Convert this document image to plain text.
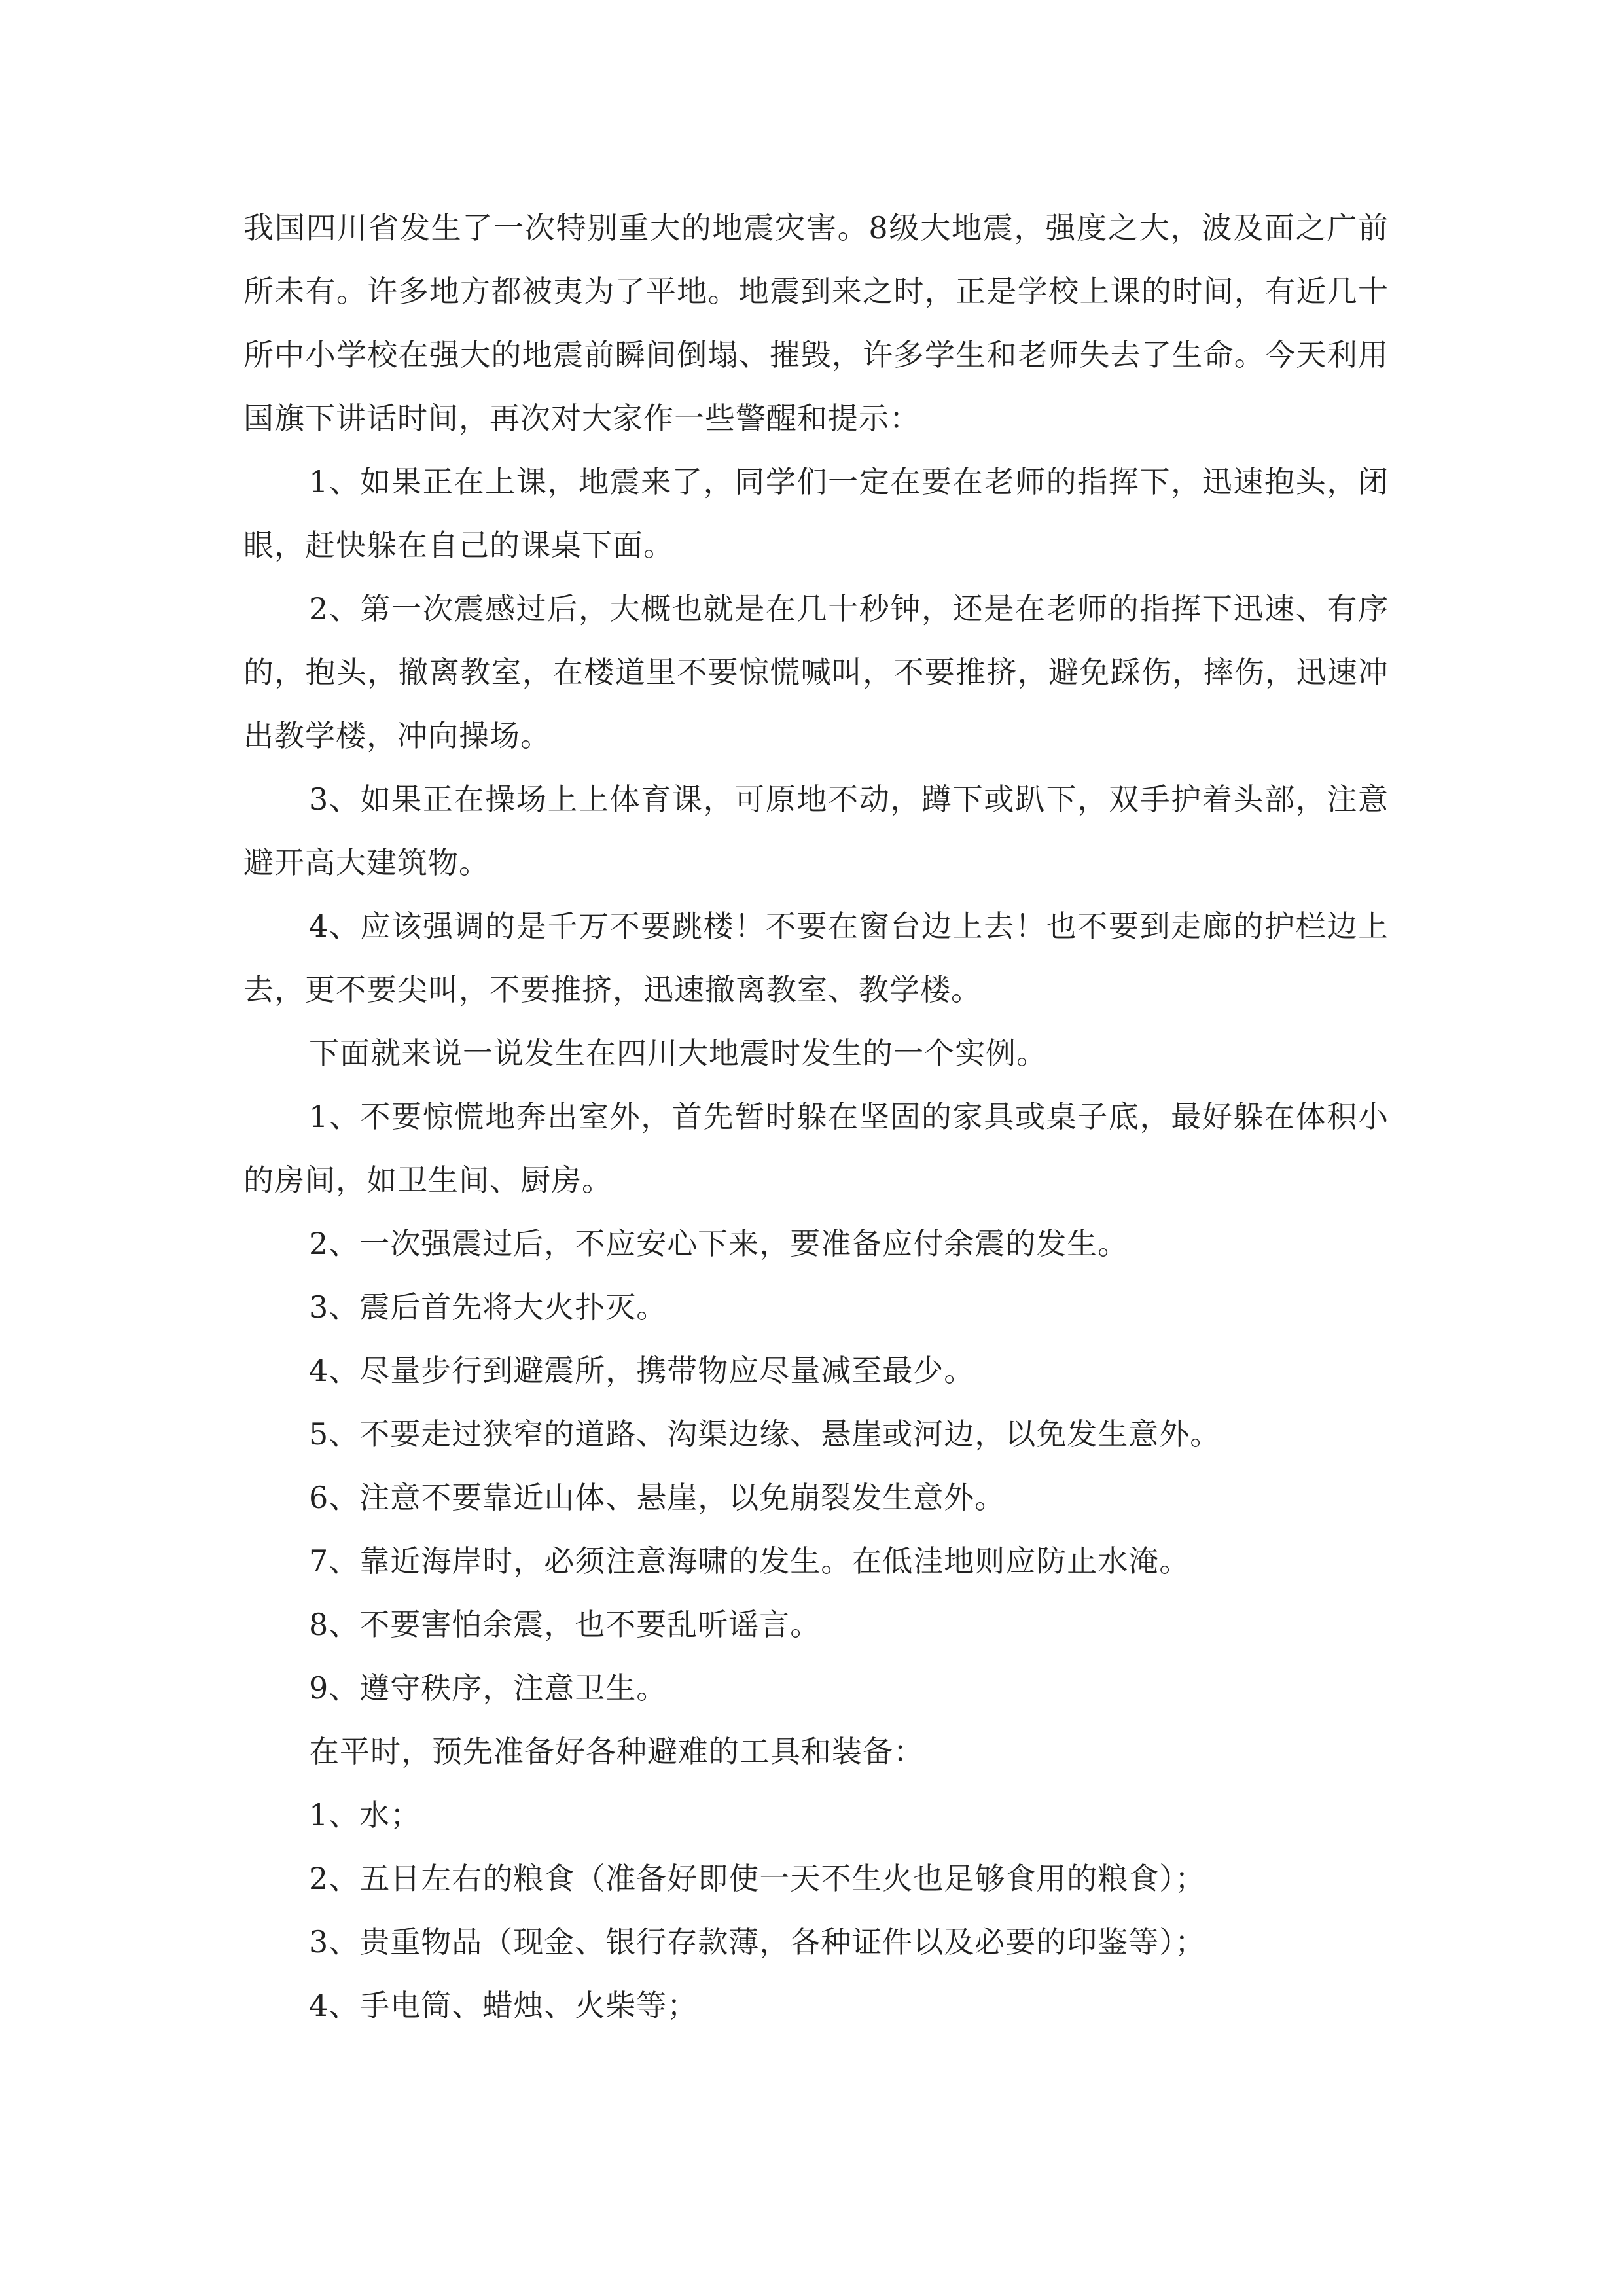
我国四川省发生了一次特别重大的地震灾害。8级大地震，强度之大，波及面之广前所未有。许多地方都被夷为了平地。地震到来之时，正是学校上课的时间，有近几十所中小学校在强大的地震前瞬间倒塌、摧毁，许多学生和老师失去了生命。今天利用国旗下讲话时间，再次对大家作一些警醒和提示：

1、如果正在上课，地震来了，同学们一定在要在老师的指挥下，迅速抱头，闭眼，赶快躲在自己的课桌下面。

2、第一次震感过后，大概也就是在几十秒钟，还是在老师的指挥下迅速、有序的，抱头，撤离教室，在楼道里不要惊慌喊叫，不要推挤，避免踩伤，摔伤，迅速冲出教学楼，冲向操场。

3、如果正在操场上上体育课，可原地不动，蹲下或趴下，双手护着头部，注意避开高大建筑物。

4、应该强调的是千万不要跳楼！不要在窗台边上去！也不要到走廊的护栏边上去，更不要尖叫，不要推挤，迅速撤离教室、教学楼。

下面就来说一说发生在四川大地震时发生的一个实例。

1、不要惊慌地奔出室外，首先暂时躲在坚固的家具或桌子底，最好躲在体积小的房间，如卫生间、厨房。

2、一次强震过后，不应安心下来，要准备应付余震的发生。

3、震后首先将大火扑灭。

4、尽量步行到避震所，携带物应尽量减至最少。

5、不要走过狭窄的道路、沟渠边缘、悬崖或河边，以免发生意外。

6、注意不要靠近山体、悬崖，以免崩裂发生意外。

7、靠近海岸时，必须注意海啸的发生。在低洼地则应防止水淹。

8、不要害怕余震，也不要乱听谣言。

9、遵守秩序，注意卫生。

在平时，预先准备好各种避难的工具和装备：

1、水；

2、五日左右的粮食（准备好即使一天不生火也足够食用的粮食）；

3、贵重物品（现金、银行存款薄，各种证件以及必要的印鉴等）；

4、手电筒、蜡烛、火柴等；
